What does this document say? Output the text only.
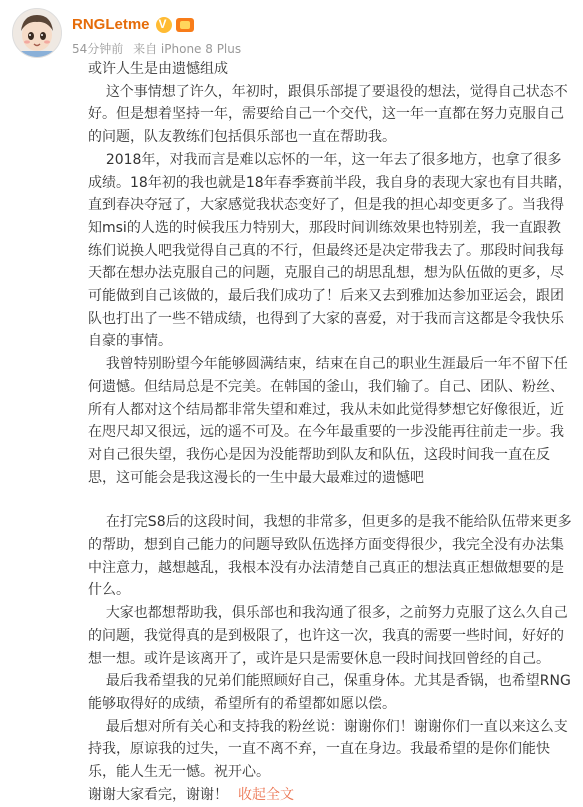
RNGLetme
V
54分钟前 来自 iPhone 8 Plus

或许人生是由遗憾组成

这个事情想了许久，年初时，跟俱乐部提了要退役的想法，觉得自己状态不好。但是想着坚持一年，需要给自己一个交代，这一年一直都在努力克服自己的问题，队友教练们包括俱乐部也一直在帮助我。

2018年，对我而言是难以忘怀的一年，这一年去了很多地方，也拿了很多成绩。18年初的我也就是18年春季赛前半段，我自身的表现大家也有目共睹，直到春决夺冠了，大家感觉我状态变好了，但是我的担心却变更多了。当我得知msi的人选的时候我压力特别大，那段时间训练效果也特别差，我一直跟教练们说换人吧我觉得自己真的不行，但最终还是决定带我去了。那段时间我每天都在想办法克服自己的问题，克服自己的胡思乱想，想为队伍做的更多，尽可能做到自己该做的，最后我们成功了！后来又去到雅加达参加亚运会，跟团队也打出了一些不错成绩，也得到了大家的喜爱，对于我而言这都是令我快乐自豪的事情。

我曾特别盼望今年能够圆满结束，结束在自己的职业生涯最后一年不留下任何遗憾。但结局总是不完美。在韩国的釜山，我们输了。自己、团队、粉丝、所有人都对这个结局都非常失望和难过，我从未如此觉得梦想它好像很近，近在咫尺却又很远，远的遥不可及。在今年最重要的一步没能再往前走一步。我对自己很失望，我伤心是因为没能帮助到队友和队伍，这段时间我一直在反思，这可能会是我这漫长的一生中最大最难过的遗憾吧

在打完S8后的这段时间，我想的非常多，但更多的是我不能给队伍带来更多的帮助，想到自己能力的问题导致队伍选择方面变得很少，我完全没有办法集中注意力，越想越乱，我根本没有办法清楚自己真正的想法真正想做想要的是什么。

大家也都想帮助我，俱乐部也和我沟通了很多，之前努力克服了这么久自己的问题，我觉得真的是到极限了，也许这一次，我真的需要一些时间，好好的想一想。或许是该离开了，或许是只是需要休息一段时间找回曾经的自己。

最后我希望我的兄弟们能照顾好自己，保重身体。尤其是香锅，也希望RNG能够取得好的成绩，希望所有的希望都如愿以偿。

最后想对所有关心和支持我的粉丝说：谢谢你们！谢谢你们一直以来这么支持我，原谅我的过失，一直不离不弃，一直在身边。我最希望的是你们能快乐，能人生无一憾。祝开心。

谢谢大家看完，谢谢！ 收起全文
